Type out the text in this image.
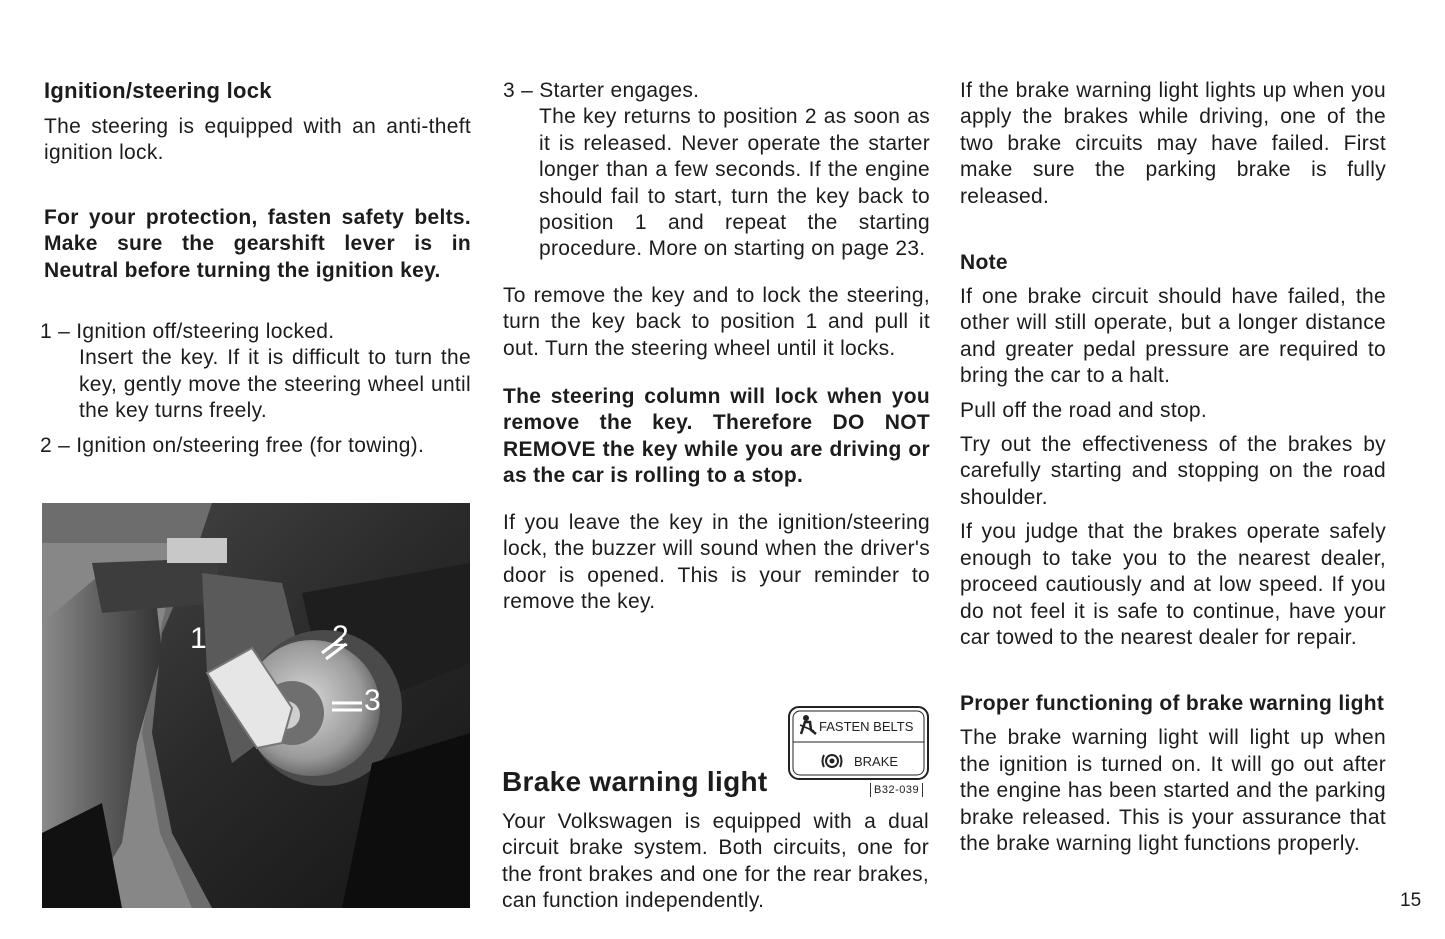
Ignition/steering lock

The steering is equipped with an anti-theft ignition lock.

For your protection, fasten safety belts. Make sure the gearshift lever is in Neutral before turning the ignition key.

1 – Ignition off/steering locked.
Insert the key. If it is difficult to turn the key, gently move the steering wheel until the key turns freely.
2 – Ignition on/steering free (for towing).
1	2
3
3 – Starter engages.

The key returns to position 2 as soon as it is released. Never operate the starter longer than a few seconds. If the engine should fail to start, turn the key back to position 1 and repeat the starting procedure. More on starting on page 23.

To remove the key and to lock the steering, turn the key back to position 1 and pull it out. Turn the steering wheel until it locks.

The steering column will lock when you remove the key. Therefore DO NOT REMOVE the key while you are driving or as the car is rolling to a stop.

If you leave the key in the ignition/steering lock, the buzzer will sound when the driver's door is opened. This is your reminder to remove the key.

FASTEN BELTS
BRAKE
B32-039

Brake warning light

Your Volkswagen is equipped with a dual circuit brake system. Both circuits, one for the front brakes and one for the rear brakes, can function independently.

If the brake warning light lights up when you apply the brakes while driving, one of the two brake circuits may have failed. First make sure the parking brake is fully released.

Note

If one brake circuit should have failed, the other will still operate, but a longer distance and greater pedal pressure are required to bring the car to a halt.

Pull off the road and stop.

Try out the effectiveness of the brakes by carefully starting and stopping on the road shoulder.

If you judge that the brakes operate safely enough to take you to the nearest dealer, proceed cautiously and at low speed. If you do not feel it is safe to continue, have your car towed to the nearest dealer for repair.

Proper functioning of brake warning light

The brake warning light will light up when the ignition is turned on. It will go out after the engine has been started and the parking brake released. This is your assurance that the brake warning light functions properly.

15
